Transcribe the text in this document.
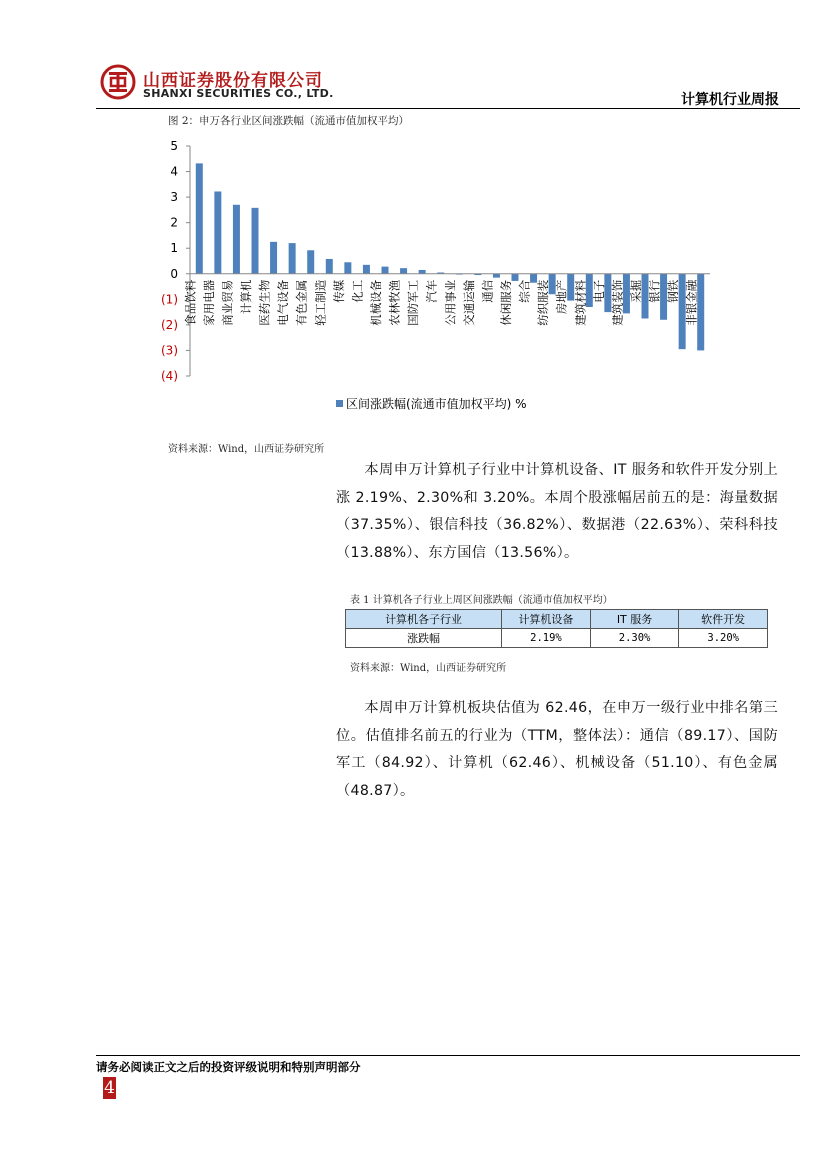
山西证券股份有限公司
SHANXI SECURITIES CO., LTD.	计算机行业周报
图 2：申万各行业区间涨跌幅（流通市值加权平均）
5
4
3
2
1
0
(1)
(2)
(3)
(4)
食品饮料 家用电器 商业贸易 计算机 医药生物 电气设备 有色金属 轻工制造 传媒 化工 机械设备 农林牧渔 国防军工 汽车 公用事业 交通运输 通信 休闲服务 综合 纺织服装 房地产 建筑材料 电子 建筑装饰 采掘 银行 钢铁 非银金融
区间涨跌幅(流通市值加权平均) %
资料来源：Wind，山西证券研究所
本周申万计算机子行业中计算机设备、IT 服务和软件开发分别上涨 2.19%、2.30%和 3.20%。本周个股涨幅居前五的是：海量数据（37.35%）、银信科技（36.82%）、数据港（22.63%）、荣科科技（13.88%）、东方国信（13.56%）。
表 1 计算机各子行业上周区间涨跌幅（流通市值加权平均）
计算机各子行业	计算机设备	IT 服务	软件开发
涨跌幅	2.19%	2.30%	3.20%
资料来源：Wind，山西证券研究所
本周申万计算机板块估值为 62.46，在申万一级行业中排名第三位。估值排名前五的行业为（TTM，整体法）：通信（89.17）、国防军工（84.92）、计算机（62.46）、机械设备（51.10）、有色金属（48.87）。
请务必阅读正文之后的投资评级说明和特别声明部分
4
